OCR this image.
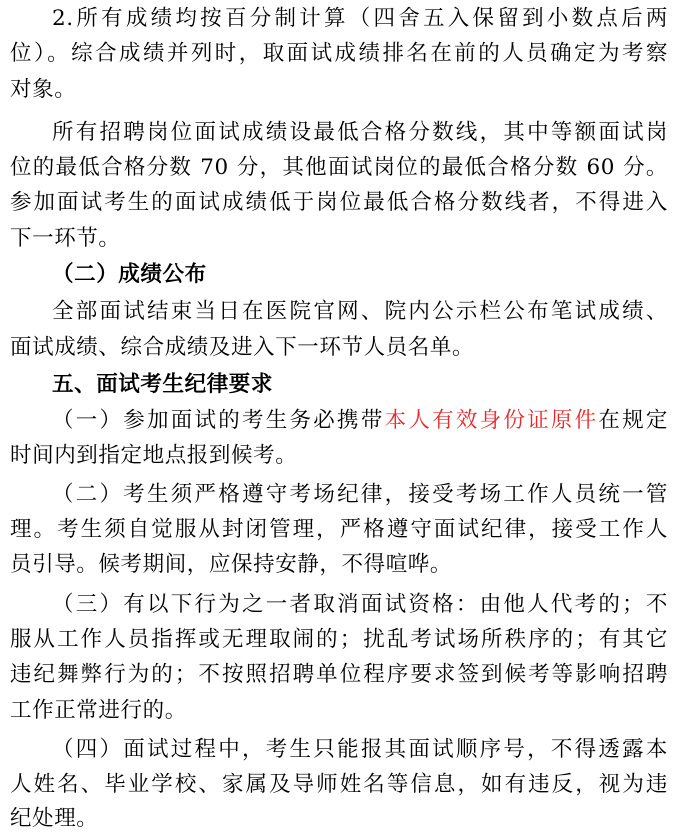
2.所有成绩均按百分制计算（四舍五入保留到小数点后两
位）。综合成绩并列时，取面试成绩排名在前的人员确定为考察
对象。
所有招聘岗位面试成绩设最低合格分数线，其中等额面试岗
位的最低合格分数 70 分，其他面试岗位的最低合格分数 60 分。
参加面试考生的面试成绩低于岗位最低合格分数线者，不得进入
下一环节。
（二）成绩公布
全部面试结束当日在医院官网、院内公示栏公布笔试成绩、
面试成绩、综合成绩及进入下一环节人员名单。
五、面试考生纪律要求
（一）参加面试的考生务必携带本人有效身份证原件在规定
时间内到指定地点报到候考。
（二）考生须严格遵守考场纪律，接受考场工作人员统一管
理。考生须自觉服从封闭管理，严格遵守面试纪律，接受工作人
员引导。候考期间，应保持安静，不得喧哗。
（三）有以下行为之一者取消面试资格：由他人代考的；不
服从工作人员指挥或无理取闹的；扰乱考试场所秩序的；有其它
违纪舞弊行为的；不按照招聘单位程序要求签到候考等影响招聘
工作正常进行的。
（四）面试过程中，考生只能报其面试顺序号，不得透露本
人姓名、毕业学校、家属及导师姓名等信息，如有违反，视为违
纪处理。
